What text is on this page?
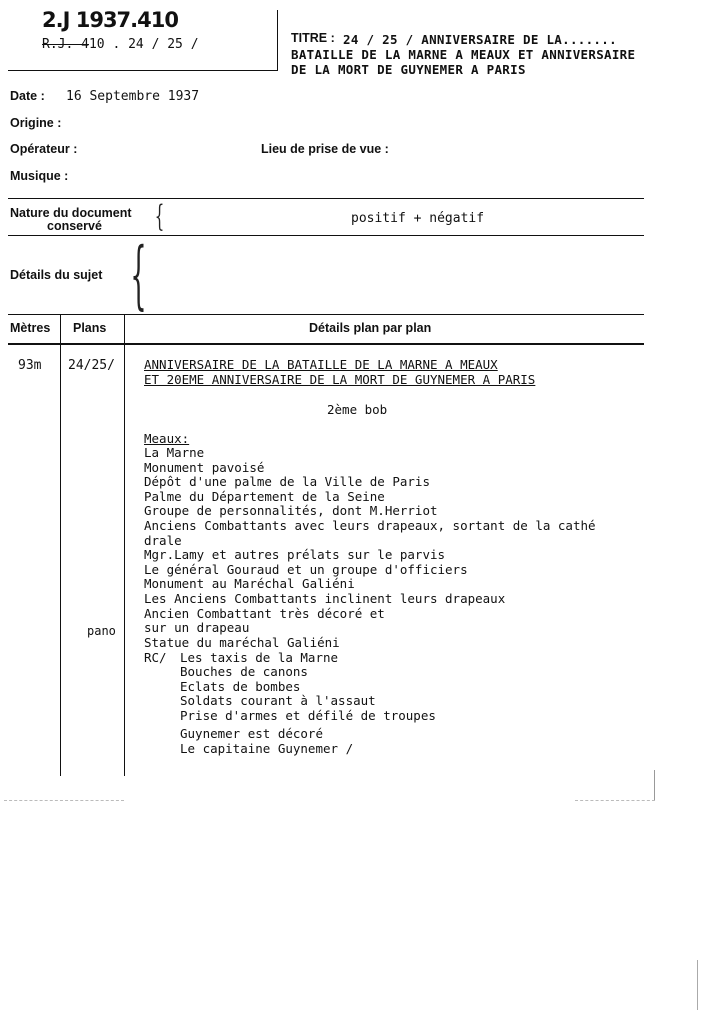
2.J 1937.410
R.J. 410 . 24 / 25 /	TITRE : 24 / 25 / ANNIVERSAIRE DE LA.......
BATAILLE DE LA MARNE A MEAUX ET ANNIVERSAIRE
DE LA MORT DE GUYNEMER A PARIS
Date : 16 Septembre 1937
Origine :
Opérateur :	Lieu de prise de vue :
Musique :
Nature du document
conservé {	positif + négatif
Détails du sujet {
Mètres Plans	Détails plan par plan
93m 24/25/
pano
ANNIVERSAIRE DE LA BATAILLE DE LA MARNE A MEAUX
ET 20EME ANNIVERSAIRE DE LA MORT DE GUYNEMER A PARIS
2ème bob
Meaux:
La Marne
Monument pavoisé
Dépôt d'une palme de la Ville de Paris
Palme du Département de la Seine
Groupe de personnalités, dont M.Herriot
Anciens Combattants avec leurs drapeaux, sortant de la cathé
drale
Mgr.Lamy et autres prélats sur le parvis
Le général Gouraud et un groupe d'officiers
Monument au Maréchal Galiéni
Les Anciens Combattants inclinent leurs drapeaux
Ancien Combattant très décoré et
sur un drapeau
Statue du maréchal Galiéni
RC/ Les taxis de la Marne
Bouches de canons
Eclats de bombes
Soldats courant à l'assaut
Prise d'armes et défilé de troupes
Guynemer est décoré
Le capitaine Guynemer /
